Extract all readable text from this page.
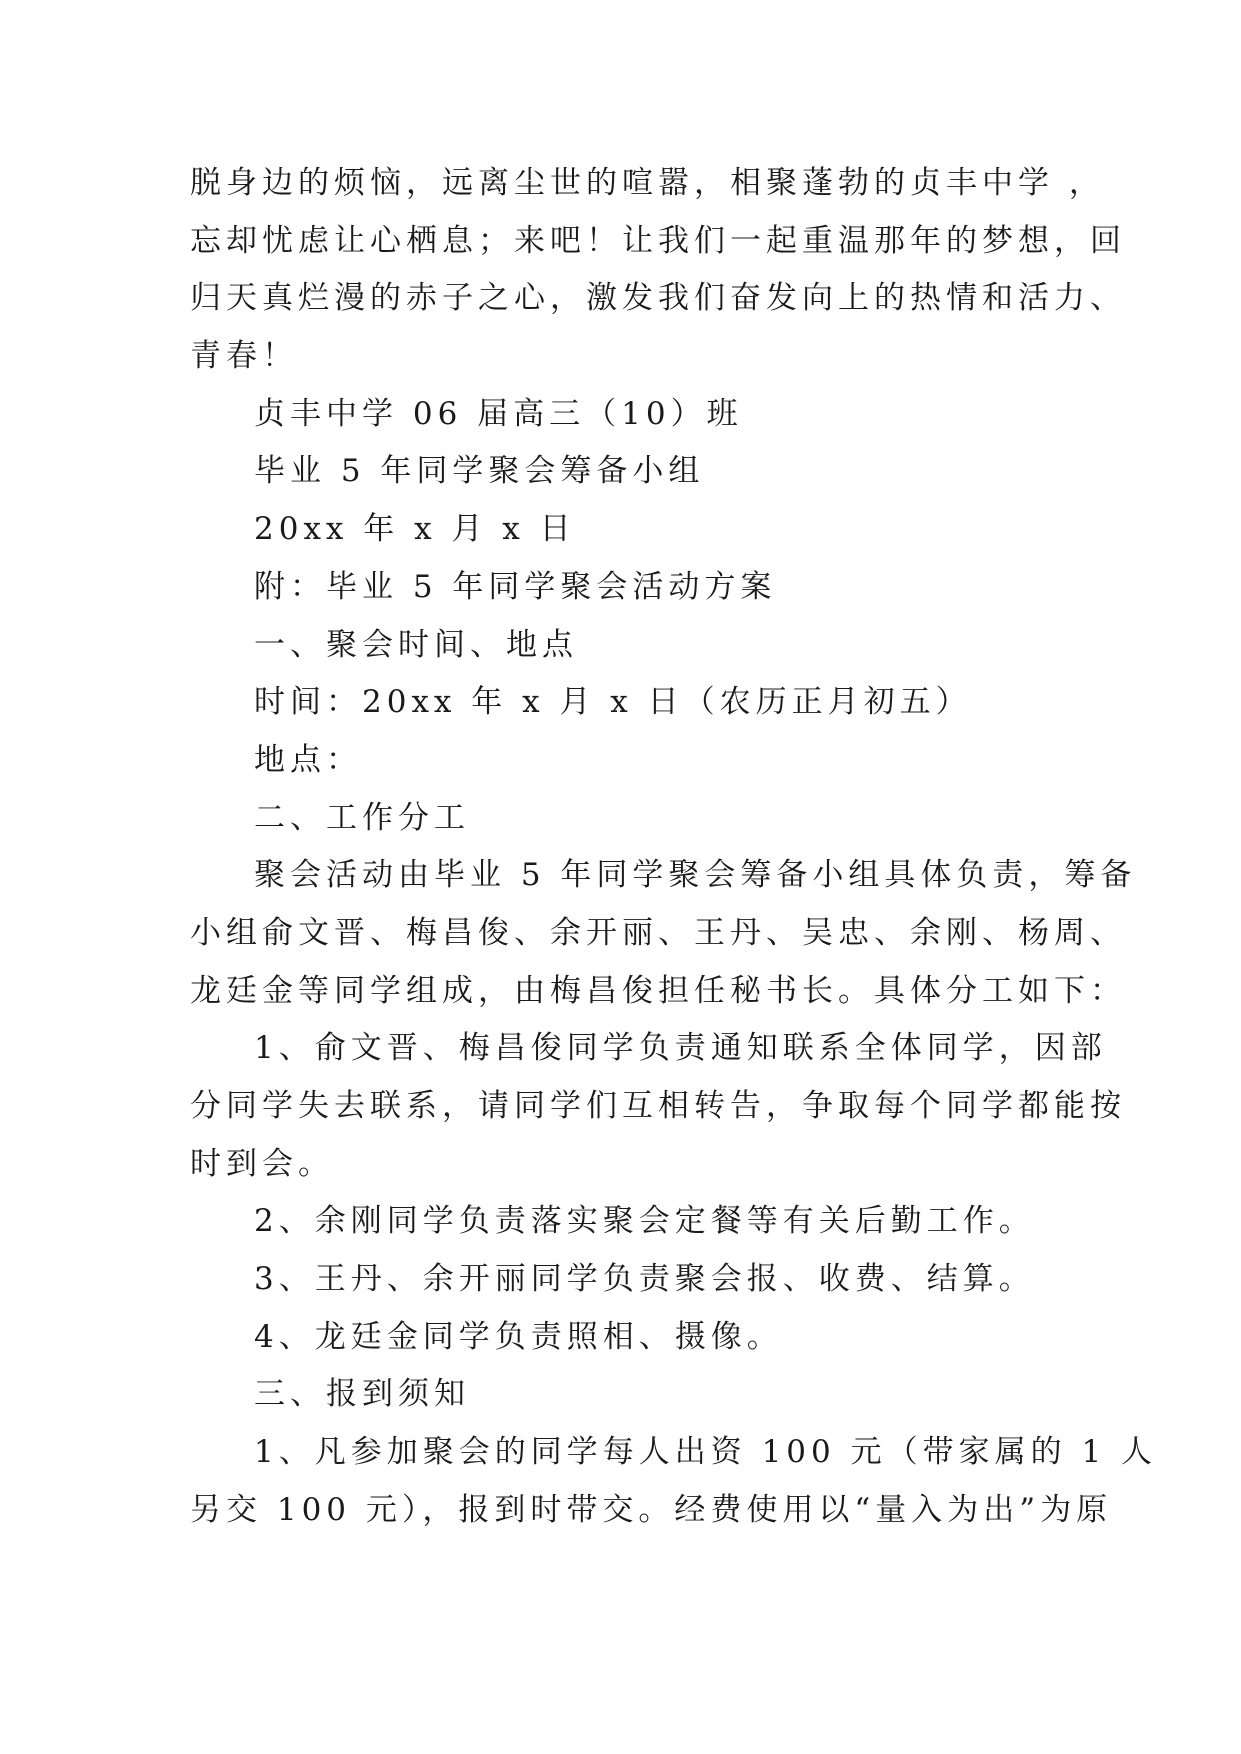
脱身边的烦恼，远离尘世的喧嚣，相聚蓬勃的贞丰中学 ，
忘却忧虑让心栖息；来吧！让我们一起重温那年的梦想，回
归天真烂漫的赤子之心，激发我们奋发向上的热情和活力、
青春！
贞丰中学 06 届高三（10）班
毕业 5 年同学聚会筹备小组
20xx 年 x 月 x 日
附：毕业 5 年同学聚会活动方案
一、聚会时间、地点
时间：20xx 年 x 月 x 日（农历正月初五）
地点：
二、工作分工
聚会活动由毕业 5 年同学聚会筹备小组具体负责，筹备
小组俞文晋、梅昌俊、余开丽、王丹、吴忠、余刚、杨周、
龙廷金等同学组成，由梅昌俊担任秘书长。具体分工如下：
1、俞文晋、梅昌俊同学负责通知联系全体同学，因部
分同学失去联系，请同学们互相转告，争取每个同学都能按
时到会。
2、余刚同学负责落实聚会定餐等有关后勤工作。
3、王丹、余开丽同学负责聚会报、收费、结算。
4、龙廷金同学负责照相、摄像。
三、报到须知
1、凡参加聚会的同学每人出资 100 元（带家属的 1 人
另交 100 元），报到时带交。经费使用以“量入为出”为原
